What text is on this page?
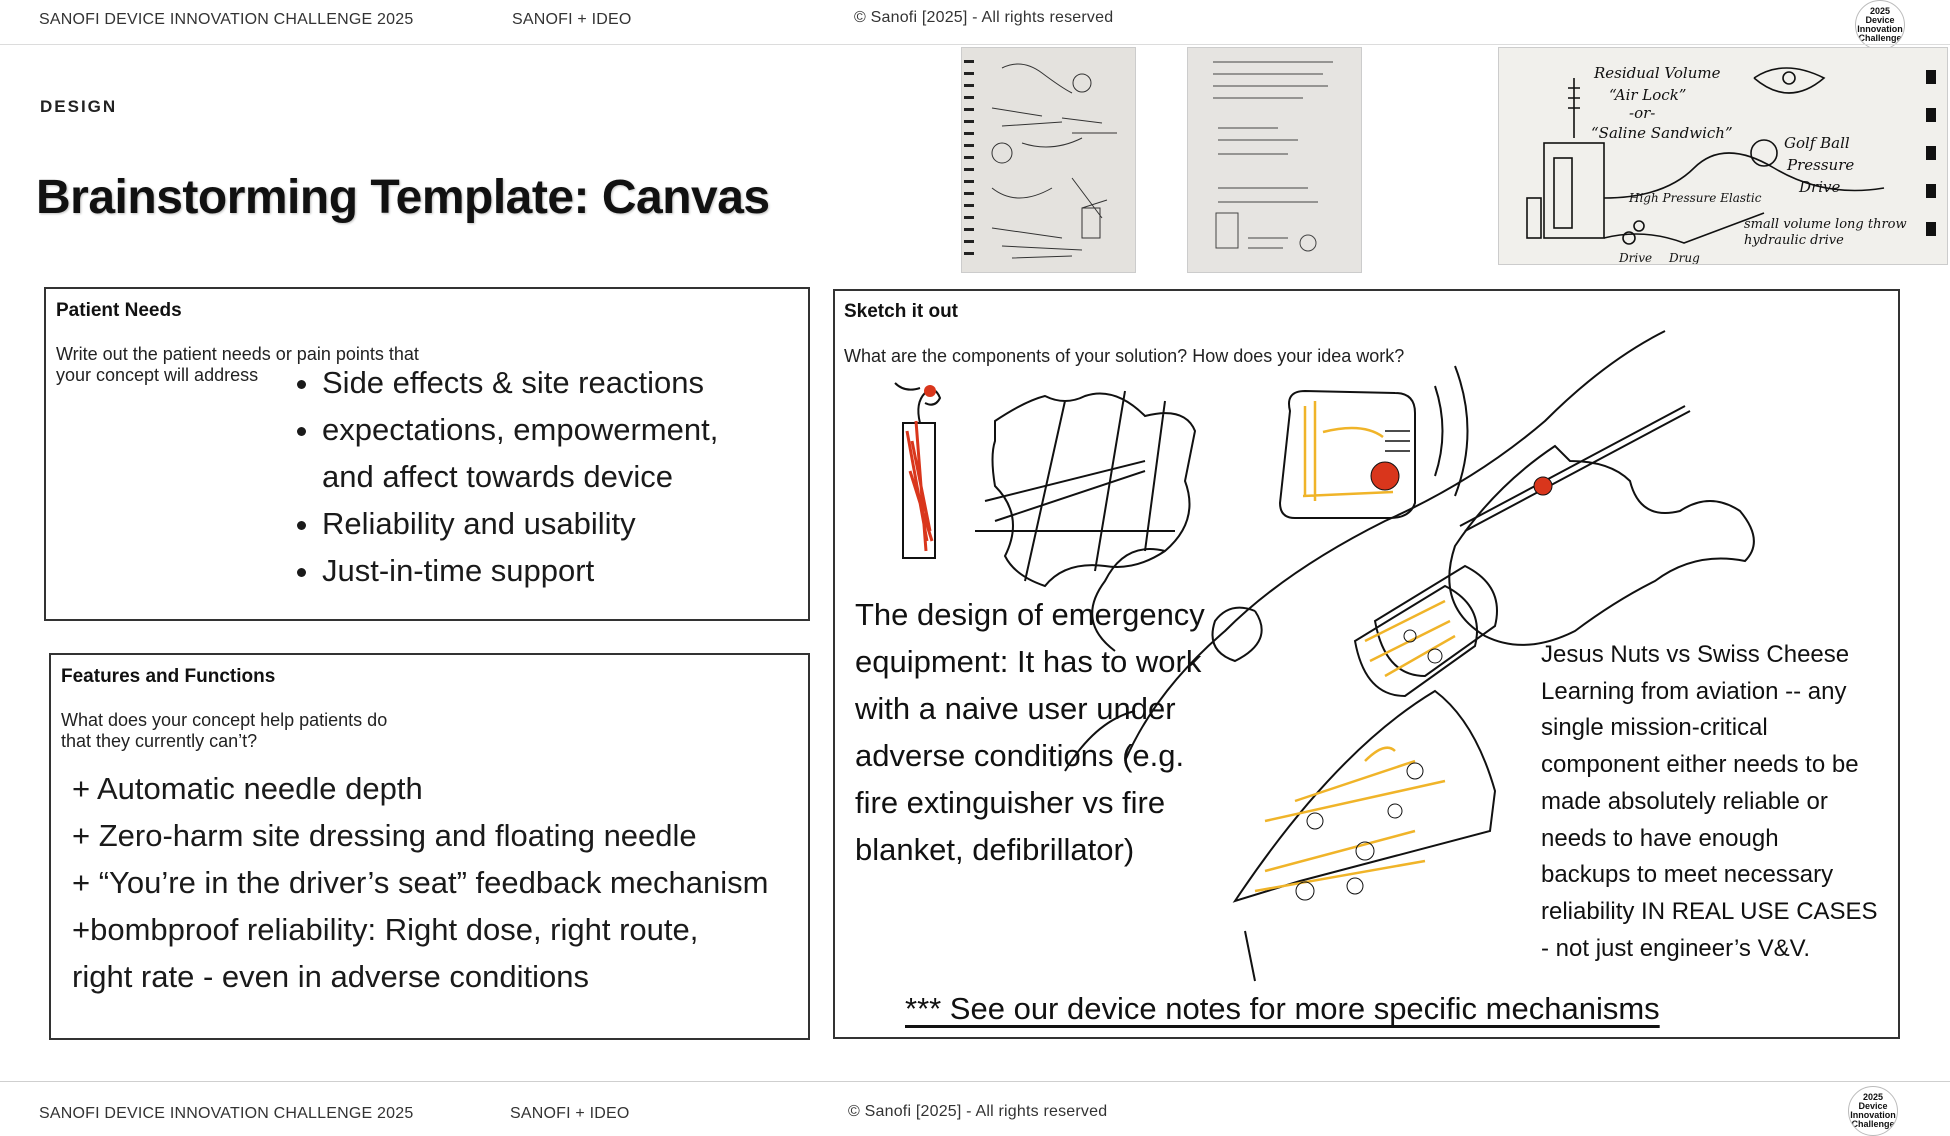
SANOFI DEVICE INNOVATION CHALLENGE 2025	SANOFI + IDEO	© Sanofi [2025] - All rights reserved	2025
Device
Innovation
Challenge
DESIGN
Brainstorming Template: Canvas
Residual Volume
“Air Lock”
-or-
“Saline Sandwich”
Golf Ball
Pressure
Drive
High Pressure Elastic
small volume long throw
hydraulic drive
Drive Drug
Patient Needs
Write out the patient needs or pain points that
your concept will address
•	Side effects & site reactions
• expectations, empowerment,
and affect towards device
• Reliability and usability
• Just-in-time support
Features and Functions
What does your concept help patients do
that they currently can’t?
+ Automatic needle depth
+ Zero-harm site dressing and floating needle
+ “You’re in the driver’s seat” feedback mechanism
+bombproof reliability: Right dose, right route,
right rate - even in adverse conditions
Sketch it out
What are the components of your solution? How does your idea work?
The design of emergency
equipment: It has to work
with a naive user under
adverse conditions (e.g.
fire extinguisher vs fire
blanket, defibrillator)
Jesus Nuts vs Swiss Cheese
Learning from aviation -- any
single mission-critical
component either needs to be
made absolutely reliable or
needs to have enough
backups to meet necessary
reliability IN REAL USE CASES
- not just engineer’s V&V.
*** See our device notes for more specific mechanisms
SANOFI DEVICE INNOVATION CHALLENGE 2025	SANOFI + IDEO	© Sanofi [2025] - All rights reserved
2025
Device
Innovation
Challenge
